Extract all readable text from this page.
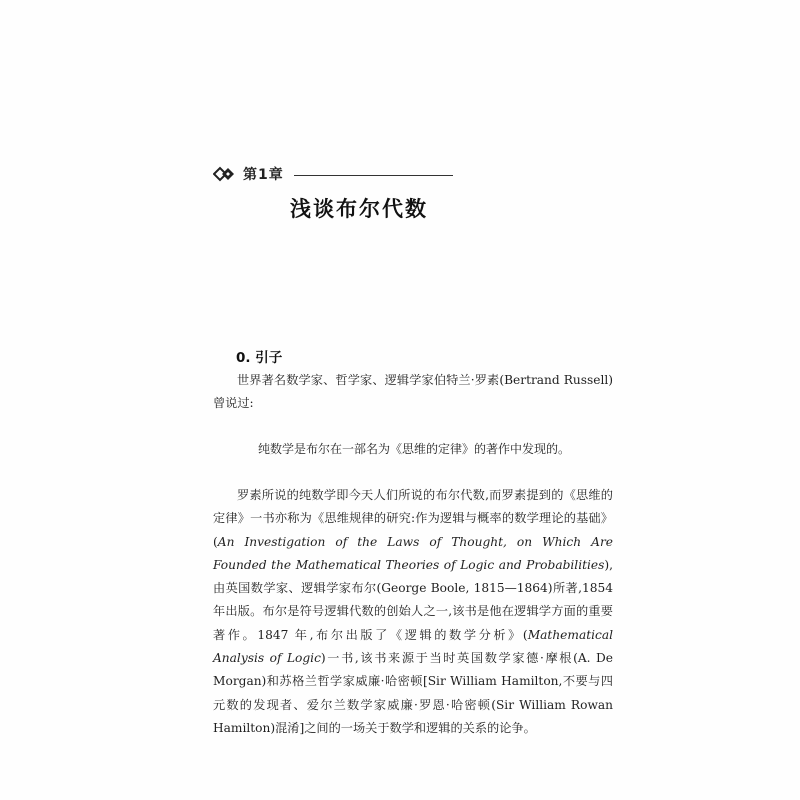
第1章
浅谈布尔代数
0. 引子

世界著名数学家、哲学家、逻辑学家伯特兰·罗素(Bertrand Russell)曾说过:

纯数学是布尔在一部名为《思维的定律》的著作中发现的。

罗素所说的纯数学即今天人们所说的布尔代数,而罗素提到的《思维的定律》一书亦称为《思维规律的研究:作为逻辑与概率的数学理论的基础》(An Investigation of the Laws of Thought, on Which Are Founded the Mathematical Theories of Logic and Probabilities),由英国数学家、逻辑学家布尔(George Boole, 1815—1864)所著,1854 年出版。布尔是符号逻辑代数的创始人之一,该书是他在逻辑学方面的重要著作。1847 年,布尔出版了《逻辑的数学分析》(Mathematical Analysis of Logic)一书,该书来源于当时英国数学家德·摩根(A. De Morgan)和苏格兰哲学家威廉·哈密顿[Sir William Hamilton,不要与四元数的发现者、爱尔兰数学家威廉·罗恩·哈密顿(Sir William Rowan Hamilton)混淆]之间的一场关于数学和逻辑的关系的论争。
